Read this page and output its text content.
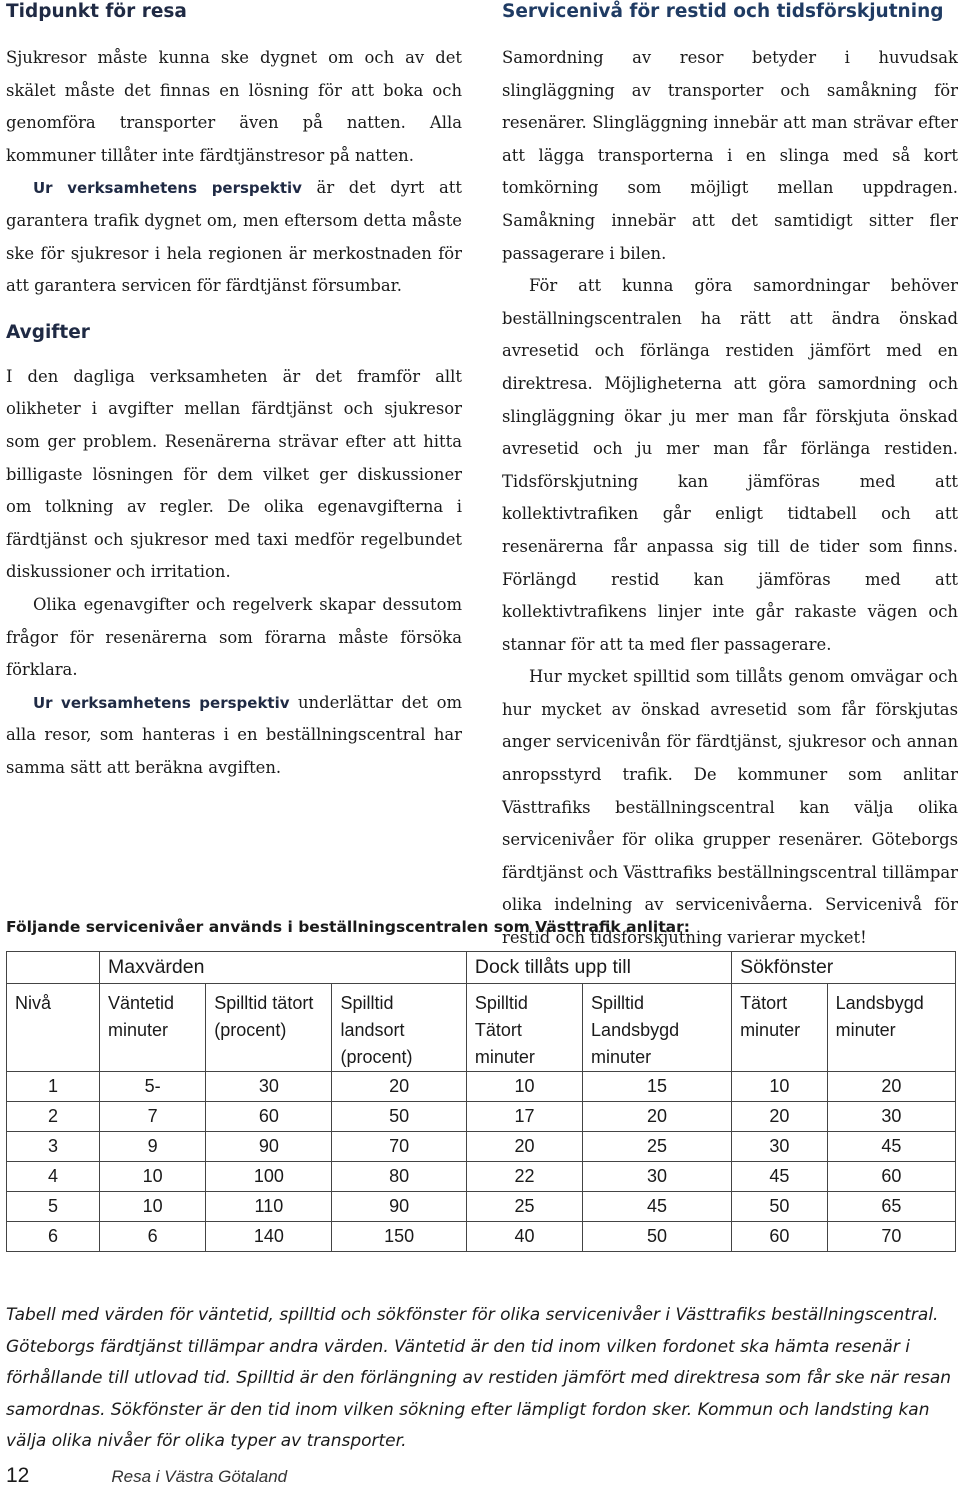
Tidpunkt för resa

Sjukresor måste kunna ske dygnet om och av det skälet måste det finnas en lösning för att boka och genomföra transporter även på natten. Alla kommuner tillåter inte färdtjänstresor på natten.

Ur verksamhetens perspektiv är det dyrt att garantera trafik dygnet om, men eftersom detta måste ske för sjukresor i hela regionen är merkostnaden för att garantera servicen för färdtjänst försumbar.

Avgifter

I den dagliga verksamheten är det framför allt olikheter i avgifter mellan färdtjänst och sjukresor som ger problem. Resenärerna strävar efter att hitta billigaste lösningen för dem vilket ger diskussioner om tolkning av regler. De olika egenavgifterna i färdtjänst och sjukresor med taxi medför regelbundet diskussioner och irritation.

Olika egenavgifter och regelverk skapar dessutom frågor för resenärerna som förarna måste försöka förklara.

Ur verksamhetens perspektiv underlättar det om alla resor, som hanteras i en beställningscentral har samma sätt att beräkna avgiften.

Servicenivå för restid och tidsförskjutning

Samordning av resor betyder i huvudsak slingläggning av transporter och samåkning för resenärer. Slingläggning innebär att man strävar efter att lägga transporterna i en slinga med så kort tomkörning som möjligt mellan uppdragen. Samåkning innebär att det samtidigt sitter fler passagerare i bilen.

För att kunna göra samordningar behöver beställningscentralen ha rätt att ändra önskad avresetid och förlänga restiden jämfört med en direktresa. Möjligheterna att göra samordning och slingläggning ökar ju mer man får förskjuta önskad avresetid och ju mer man får förlänga restiden. Tidsförskjutning kan jämföras med att kollektivtrafiken går enligt tidtabell och att resenärerna får anpassa sig till de tider som finns. Förlängd restid kan jämföras med att kollektivtrafikens linjer inte går rakaste vägen och stannar för att ta med fler passagerare.

Hur mycket spilltid som tillåts genom omvägar och hur mycket av önskad avresetid som får förskjutas anger servicenivån för färdtjänst, sjukresor och annan anropsstyrd trafik. De kommuner som anlitar Västtrafiks beställningscentral kan välja olika servicenivåer för olika grupper resenärer. Göteborgs färdtjänst och Västtrafiks beställningscentral tillämpar olika indelning av servicenivåerna. Servicenivå för restid och tidsförskjutning varierar mycket!

Följande servicenivåer används i beställningscentralen som Västtrafik anlitar:
	Maxvärden			Dock tillåts upp till		Sökfönster	
Nivå	Väntetid minuter	Spilltid tätort (procent)	Spilltid landsort (procent)	Spilltid Tätort minuter	Spilltid Landsbygd minuter	Tätort minuter	Landsbygd minuter
1	5-	30	20	10	15	10	20
2	7	60	50	17	20	20	30
3	9	90	70	20	25	30	45
4	10	100	80	22	30	45	60
5	10	110	90	25	45	50	65
6	6	140	150	40	50	60	70
Tabell med värden för väntetid, spilltid och sökfönster för olika servicenivåer i Västtrafiks beställningscentral. Göteborgs färdtjänst tillämpar andra värden. Väntetid är den tid inom vilken fordonet ska hämta resenär i förhållande till utlovad tid. Spilltid är den förlängning av restiden jämfört med direktresa som får ske när resan samordnas. Sökfönster är den tid inom vilken sökning efter lämpligt fordon sker. Kommun och landsting kan välja olika nivåer för olika typer av transporter.
12	Resa i Västra Götaland
